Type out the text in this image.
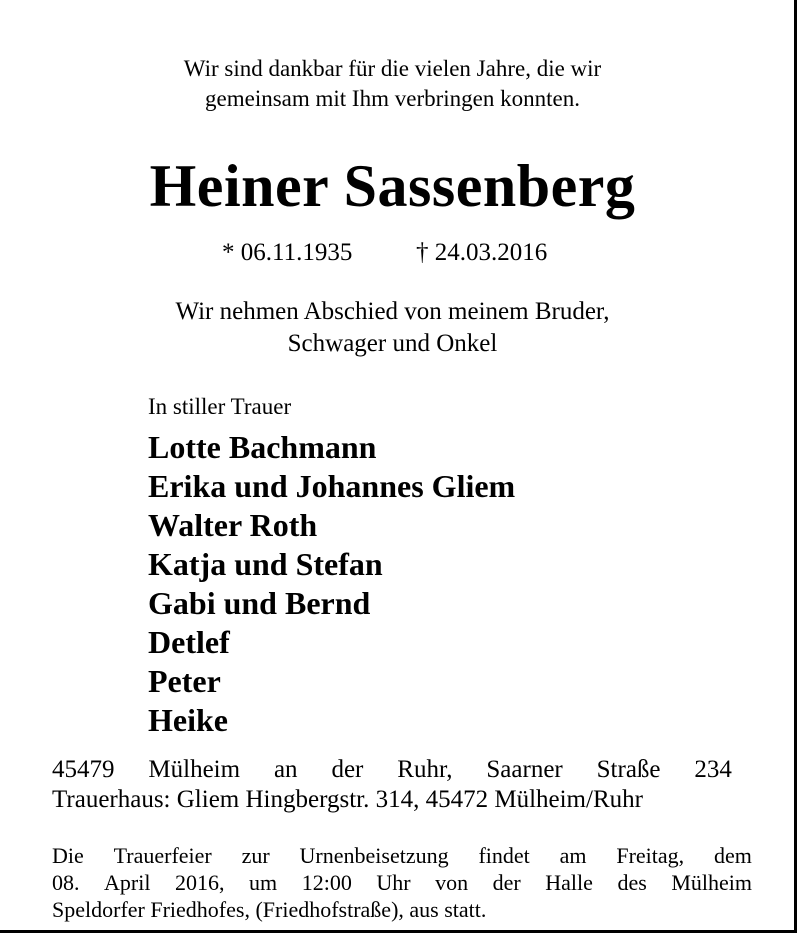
Wir sind dankbar für die vielen Jahre, die wir
gemeinsam mit Ihm verbringen konnten.
Heiner Sassenberg
* 06.11.1935	† 24.03.2016
Wir nehmen Abschied von meinem Bruder,
Schwager und Onkel
In stiller Trauer
Lotte Bachmann
Erika und Johannes Gliem
Walter Roth
Katja und Stefan
Gabi und Bernd
Detlef
Peter
Heike
45479 Mülheim an der Ruhr, Saarner Straße 234
Trauerhaus: Gliem Hingbergstr. 314, 45472 Mülheim/Ruhr
Die Trauerfeier zur Urnenbeisetzung findet am Freitag, dem
08. April 2016, um 12:00 Uhr von der Halle des Mülheim
Speldorfer Friedhofes, (Friedhofstraße), aus statt.
